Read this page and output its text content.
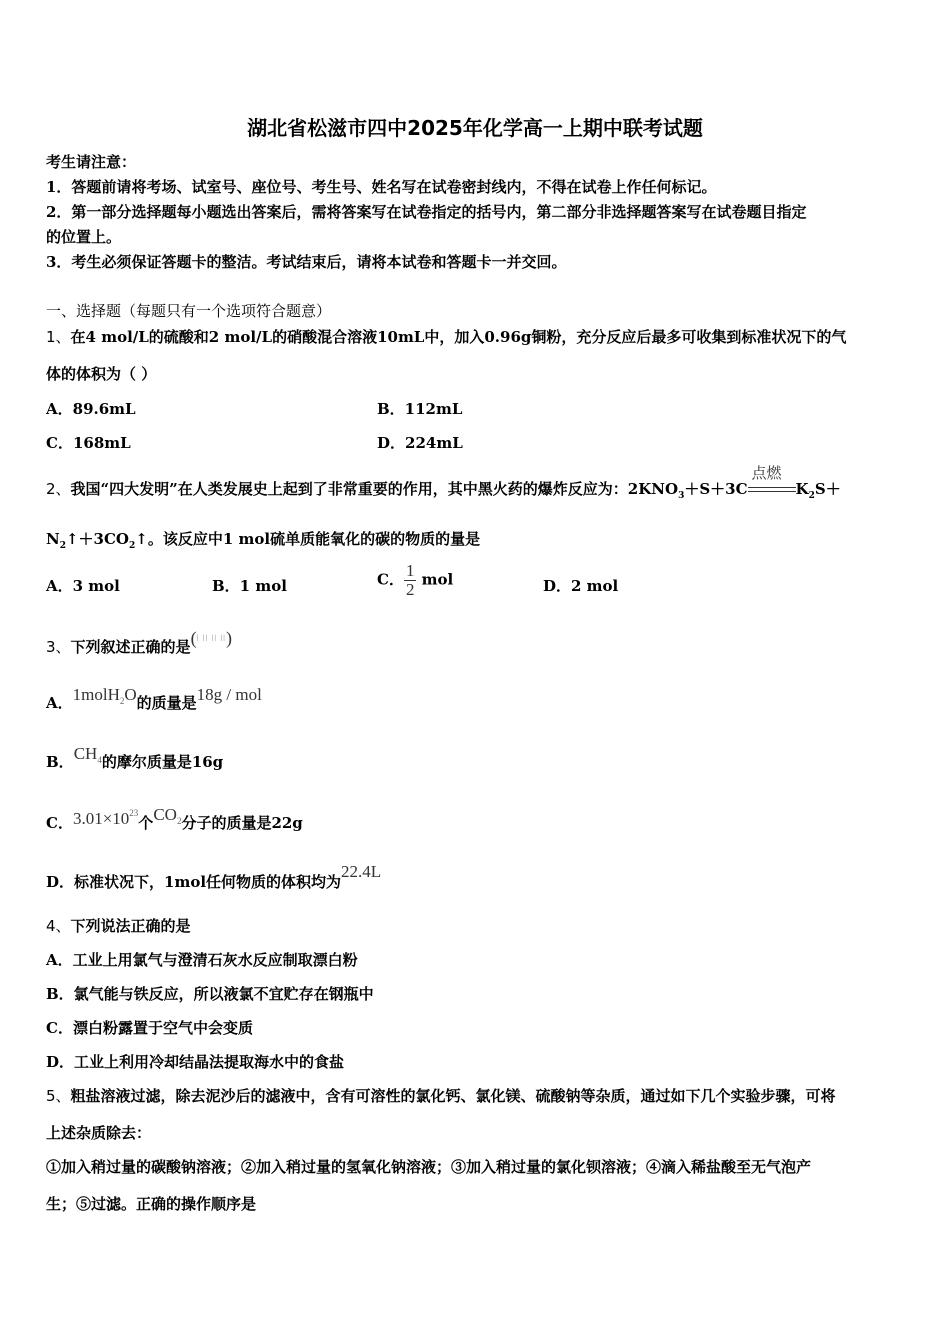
湖北省松滋市四中2025年化学高一上期中联考试题
考生请注意：
1．答题前请将考场、试室号、座位号、考生号、姓名写在试卷密封线内，不得在试卷上作任何标记。
2．第一部分选择题每小题选出答案后，需将答案写在试卷指定的括号内，第二部分非选择题答案写在试卷题目指定
的位置上。
3．考生必须保证答题卡的整洁。考试结束后，请将本试卷和答题卡一并交回。
一、选择题（每题只有一个选项符合题意）
1、在4 mol/L的硫酸和2 mol/L的硝酸混合溶液10mL中，加入0.96g铜粉，充分反应后最多可收集到标准状况下的气
体的体积为（ ）
A．89.6mL	B．112mL
C．168mL	D．224mL
2、我国“四大发明”在人类发展史上起到了非常重要的作用，其中黑火药的爆炸反应为：$2KNO_3+S+3C$
点燃
$K_2S+$
$N_2↑+3CO_2↑$。该反应中1 mol硫单质能氧化的碳的物质的量是
A．3 mol	B．1 mol	C． $\frac{1}{2}$ mol	D．2 mol
3、下列叙述正确的是(ǀ ǀǀ ǀǀ ǀǀ)
A．1molH$_2$O的质量是18g / mol
B．$CH_4$的摩尔质量是16g
C．$3.01\times 10^{23}$个$CO_2$分子的质量是22g
D．标准状况下，1mol任何物质的体积均为22.4L
4、下列说法正确的是
A．工业上用氯气与澄清石灰水反应制取漂白粉
B．氯气能与铁反应，所以液氯不宜贮存在钢瓶中
C．漂白粉露置于空气中会变质
D．工业上利用冷却结晶法提取海水中的食盐
5、粗盐溶液过滤，除去泥沙后的滤液中，含有可溶性的氯化钙、氯化镁、硫酸钠等杂质，通过如下几个实验步骤，可将
上述杂质除去：
①加入稍过量的碳酸钠溶液；②加入稍过量的氢氧化钠溶液；③加入稍过量的氯化钡溶液；④滴入稀盐酸至无气泡产
生；⑤过滤。正确的操作顺序是
